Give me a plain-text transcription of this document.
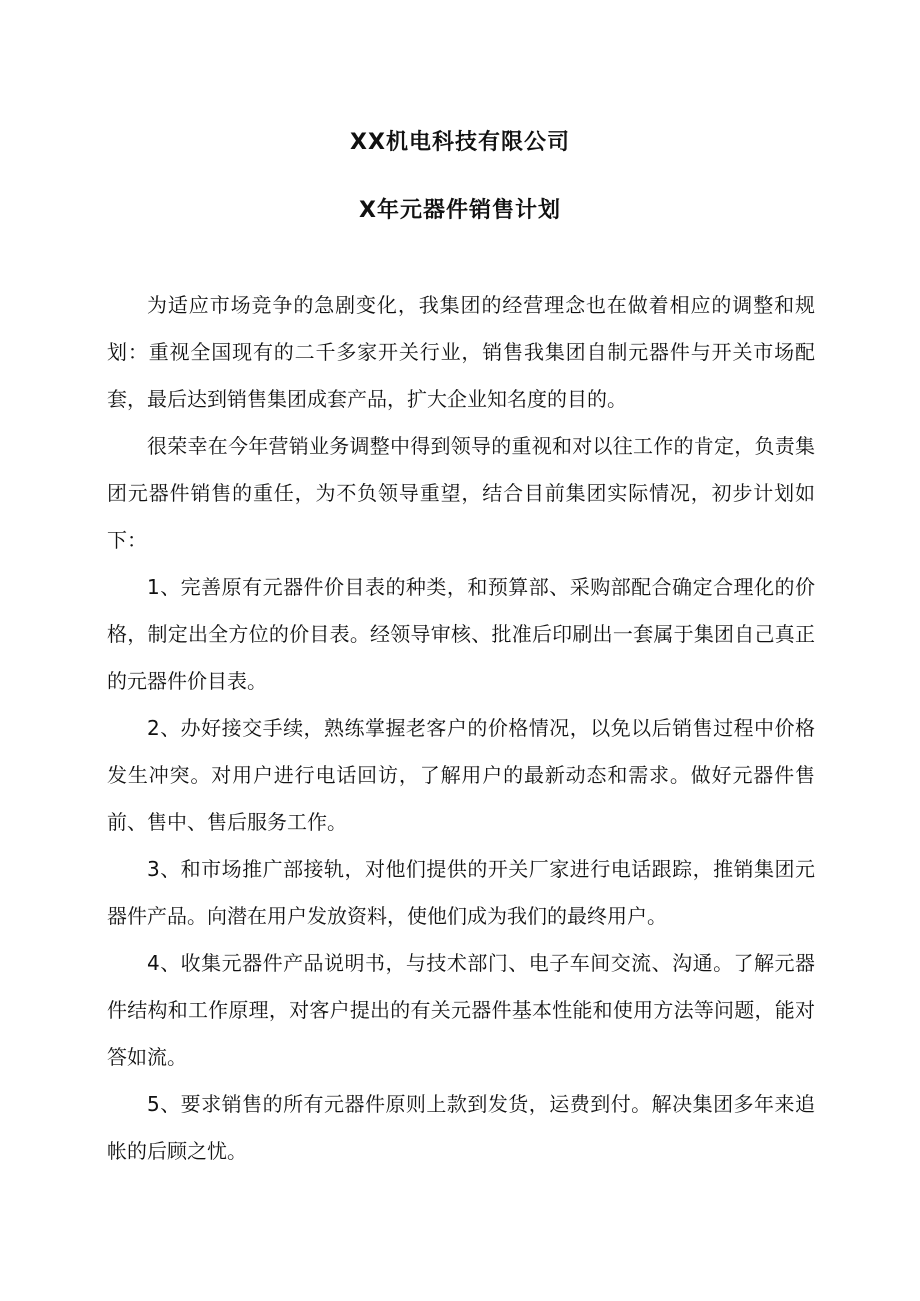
XX机电科技有限公司
X年元器件销售计划

为适应市场竞争的急剧变化，我集团的经营理念也在做着相应的调整和规划：重视全国现有的二千多家开关行业，销售我集团自制元器件与开关市场配套，最后达到销售集团成套产品，扩大企业知名度的目的。

很荣幸在今年营销业务调整中得到领导的重视和对以往工作的肯定，负责集团元器件销售的重任，为不负领导重望，结合目前集团实际情况，初步计划如下：

1、完善原有元器件价目表的种类，和预算部、采购部配合确定合理化的价格，制定出全方位的价目表。经领导审核、批准后印刷出一套属于集团自己真正的元器件价目表。

2、办好接交手续，熟练掌握老客户的价格情况，以免以后销售过程中价格发生冲突。对用户进行电话回访，了解用户的最新动态和需求。做好元器件售前、售中、售后服务工作。

3、和市场推广部接轨，对他们提供的开关厂家进行电话跟踪，推销集团元器件产品。向潜在用户发放资料，使他们成为我们的最终用户。

4、收集元器件产品说明书，与技术部门、电子车间交流、沟通。了解元器件结构和工作原理，对客户提出的有关元器件基本性能和使用方法等问题，能对答如流。

5、要求销售的所有元器件原则上款到发货，运费到付。解决集团多年来追帐的后顾之忧。
